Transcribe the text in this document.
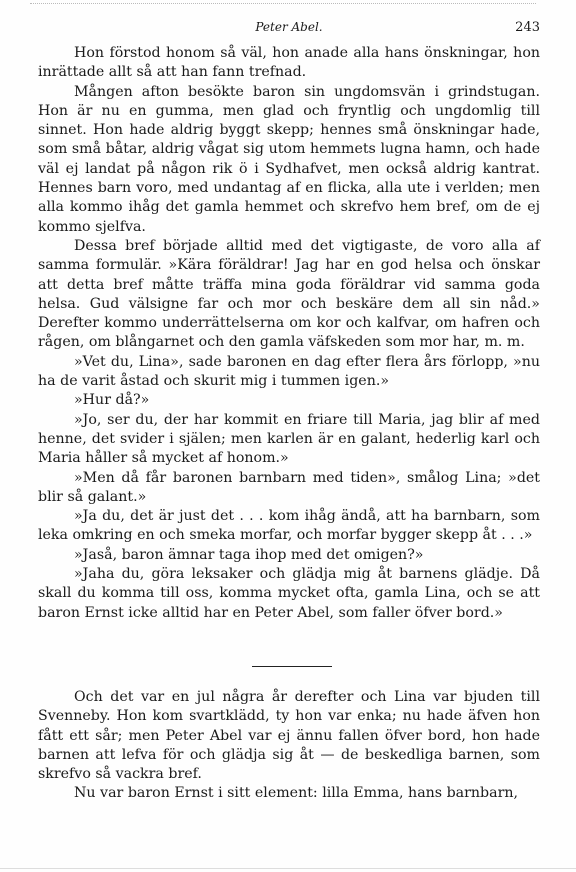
Peter Abel.	243

Hon förstod honom så väl, hon anade alla hans önskningar, hon inrättade allt så att han fann trefnad.

Mången afton besökte baron sin ungdomsvän i grindstugan. Hon är nu en gumma, men glad och fryntlig och ungdomlig till sinnet. Hon hade aldrig byggt skepp; hennes små önskningar hade, som små båtar, aldrig vågat sig utom hemmets lugna hamn, och hade väl ej landat på någon rik ö i Sydhafvet, men också aldrig kantrat. Hennes barn voro, med undantag af en flicka, alla ute i verlden; men alla kommo ihåg det gamla hemmet och skrefvo hem bref, om de ej kommo sjelfva.

Dessa bref började alltid med det vigtigaste, de voro alla af samma formulär. »Kära föräldrar! Jag har en god helsa och önskar att detta bref måtte träffa mina goda föräldrar vid samma goda helsa. Gud välsigne far och mor och beskäre dem all sin nåd.» Derefter kommo underrättelserna om kor och kalfvar, om hafren och rågen, om blångarnet och den gamla väfskeden som mor har, m. m.

»Vet du, Lina», sade baronen en dag efter flera års förlopp, »nu ha de varit åstad och skurit mig i tummen igen.»

»Hur då?»

»Jo, ser du, der har kommit en friare till Maria, jag blir af med henne, det svider i själen; men karlen är en galant, hederlig karl och Maria håller så mycket af honom.»

»Men då får baronen barnbarn med tiden», smålog Lina; »det blir så galant.»

»Ja du, det är just det . . . kom ihåg ändå, att ha barnbarn, som leka omkring en och smeka morfar, och morfar bygger skepp åt . . .»

»Jaså, baron ämnar taga ihop med det omigen?»

»Jaha du, göra leksaker och glädja mig åt barnens glädje. Då skall du komma till oss, komma mycket ofta, gamla Lina, och se att baron Ernst icke alltid har en Peter Abel, som faller öfver bord.»

Och det var en jul några år derefter och Lina var bjuden till Svenneby. Hon kom svartklädd, ty hon var enka; nu hade äfven hon fått ett sår; men Peter Abel var ej ännu fallen öfver bord, hon hade barnen att lefva för och glädja sig åt — de beskedliga barnen, som skrefvo så vackra bref.

Nu var baron Ernst i sitt element: lilla Emma, hans barnbarn,
